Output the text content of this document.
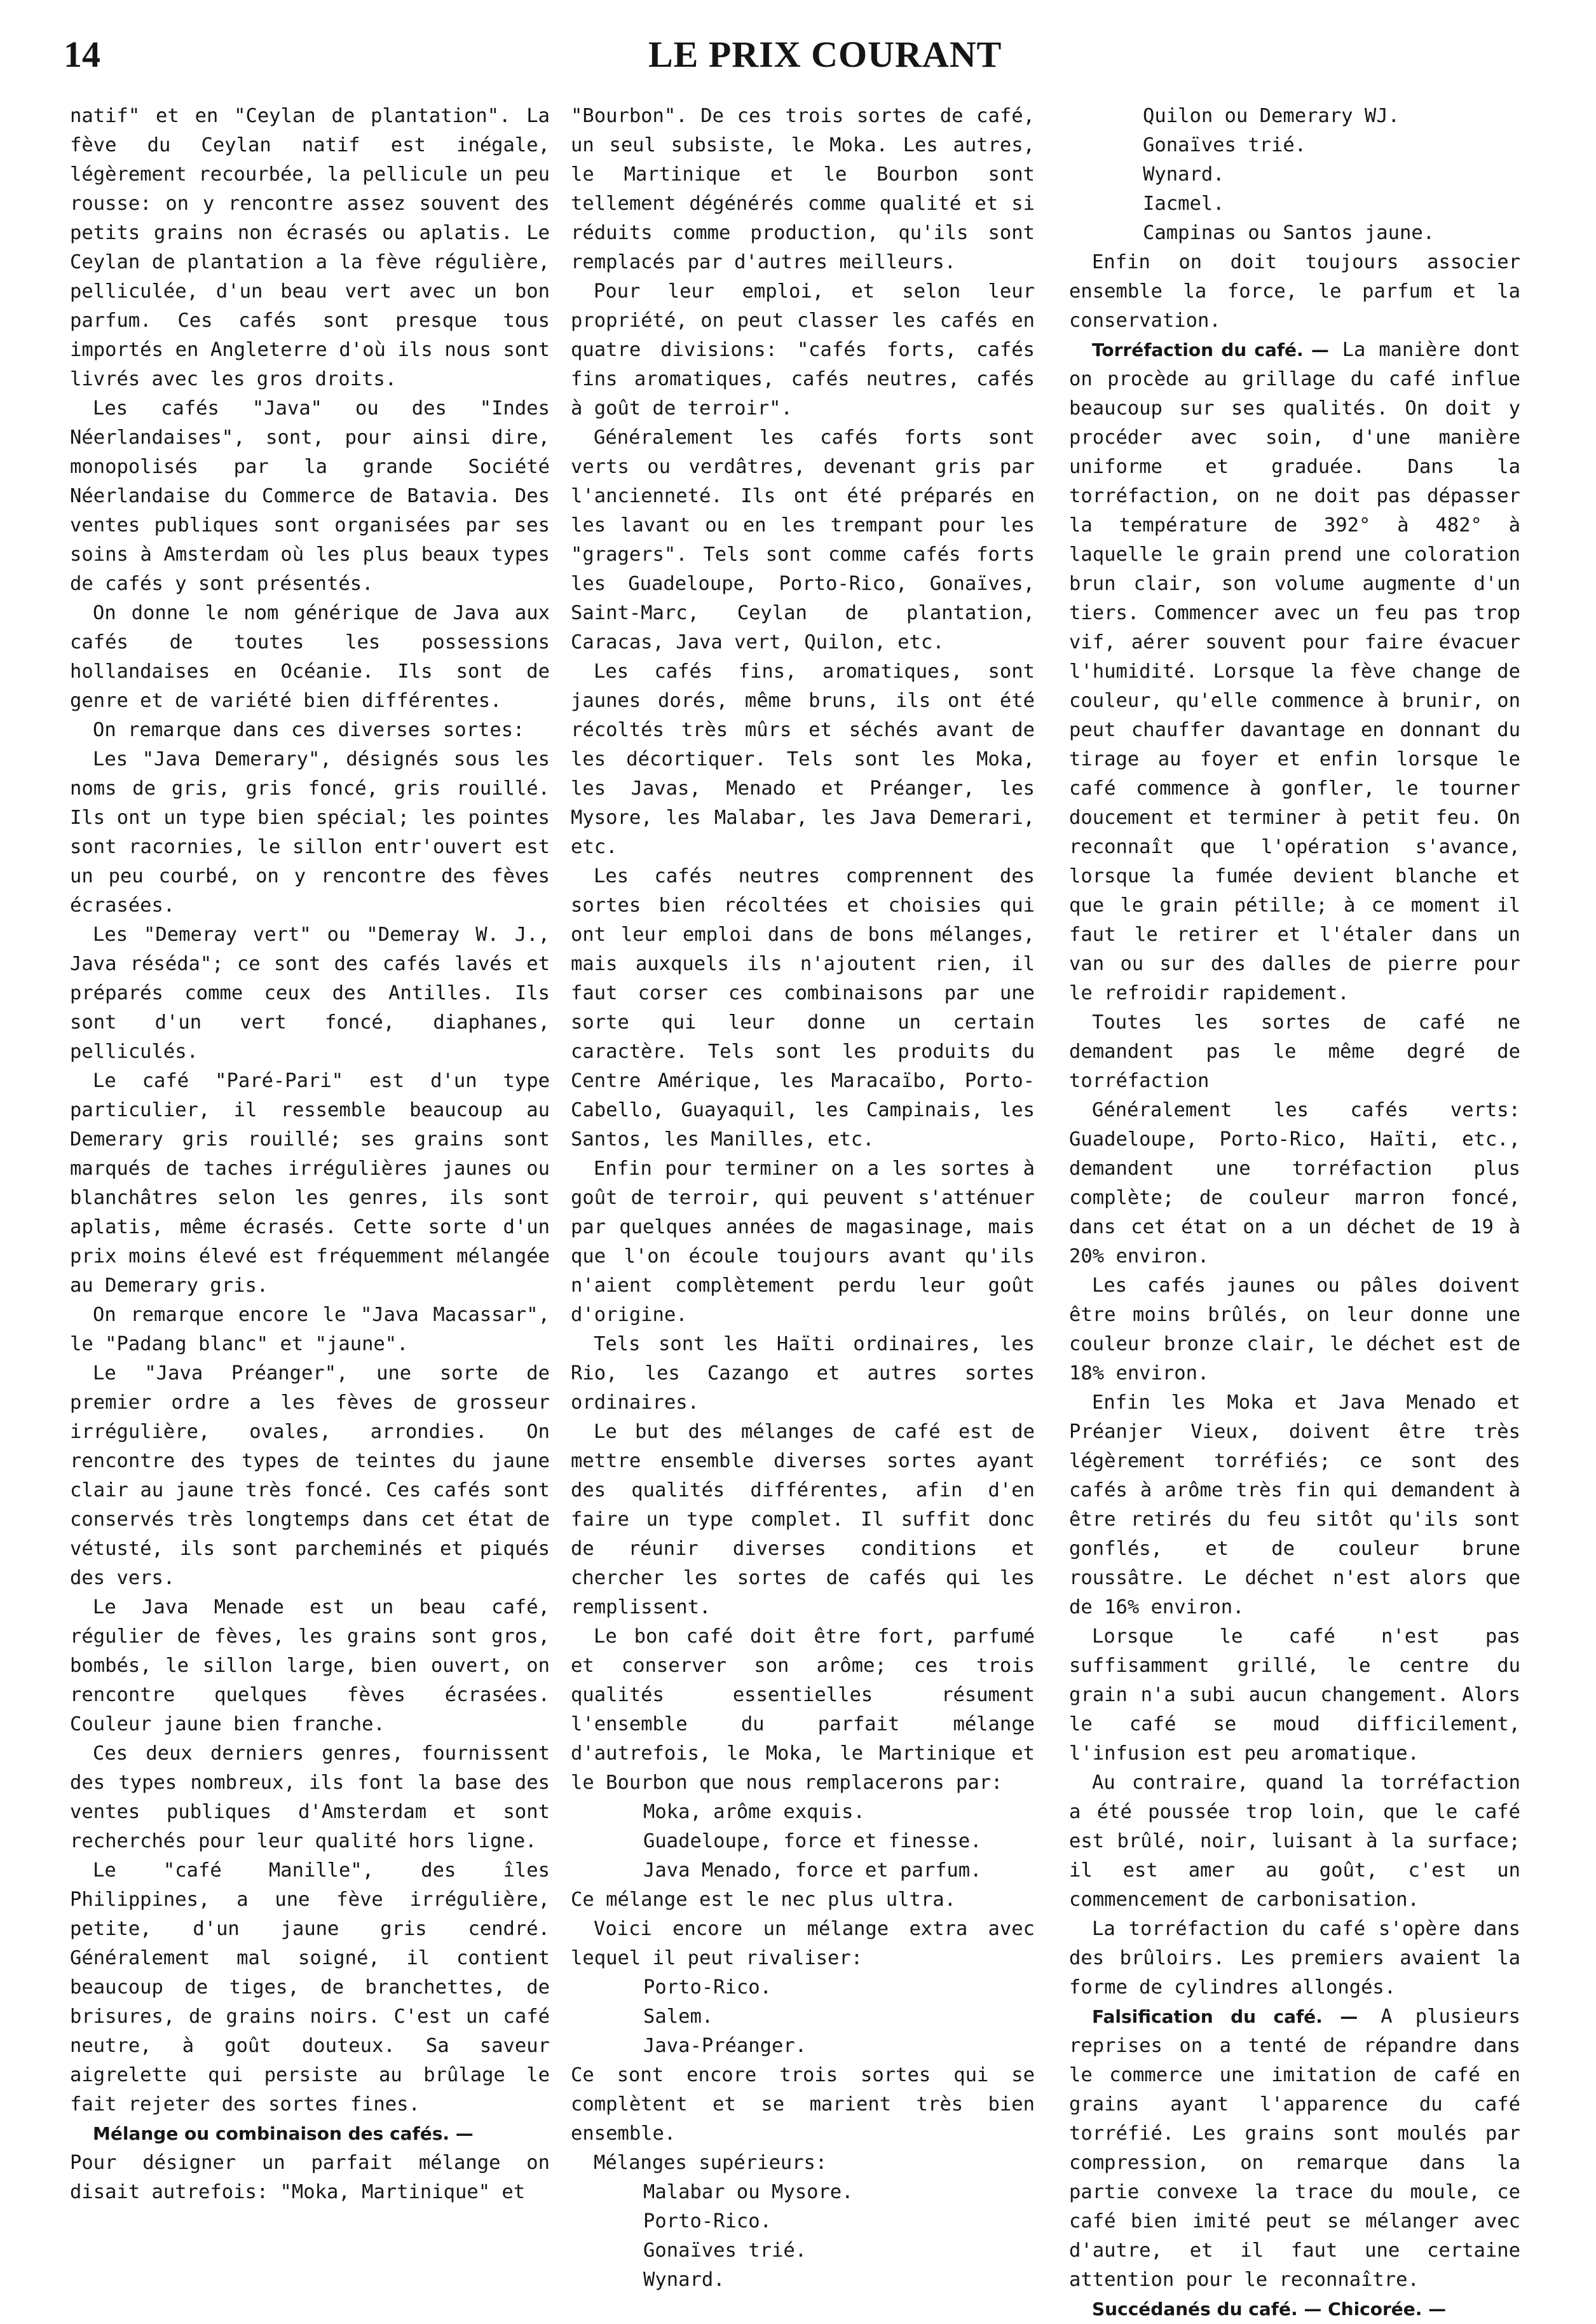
14	LE PRIX COURANT

natif" et en "Ceylan de plantation". La fève du Ceylan natif est inégale, légèrement recourbée, la pellicule un peu rousse: on y rencontre assez souvent des petits grains non écrasés ou aplatis. Le Ceylan de plantation a la fève régulière, pelliculée, d'un beau vert avec un bon parfum. Ces cafés sont presque tous importés en Angleterre d'où ils nous sont livrés avec les gros droits.

Les cafés "Java" ou des "Indes Néerlandaises", sont, pour ainsi dire, monopolisés par la grande Société Néerlandaise du Commerce de Batavia. Des ventes publiques sont organisées par ses soins à Amsterdam où les plus beaux types de cafés y sont présentés.

On donne le nom générique de Java aux cafés de toutes les possessions hollandaises en Océanie. Ils sont de genre et de variété bien différentes.

On remarque dans ces diverses sortes:

Les "Java Demerary", désignés sous les noms de gris, gris foncé, gris rouillé. Ils ont un type bien spécial; les pointes sont racornies, le sillon entr'ouvert est un peu courbé, on y rencontre des fèves écrasées.

Les "Demeray vert" ou "Demeray W. J., Java réséda"; ce sont des cafés lavés et préparés comme ceux des Antilles. Ils sont d'un vert foncé, diaphanes, pelliculés.

Le café "Paré-Pari" est d'un type particulier, il ressemble beaucoup au Demerary gris rouillé; ses grains sont marqués de taches irrégulières jaunes ou blanchâtres selon les genres, ils sont aplatis, même écrasés. Cette sorte d'un prix moins élevé est fréquemment mélangée au Demerary gris.

On remarque encore le "Java Macassar", le "Padang blanc" et "jaune".

Le "Java Préanger", une sorte de premier ordre a les fèves de grosseur irrégulière, ovales, arrondies. On rencontre des types de teintes du jaune clair au jaune très foncé. Ces cafés sont conservés très longtemps dans cet état de vétusté, ils sont parcheminés et piqués des vers.

Le Java Menade est un beau café, régulier de fèves, les grains sont gros, bombés, le sillon large, bien ouvert, on rencontre quelques fèves écrasées. Couleur jaune bien franche.

Ces deux derniers genres, fournissent des types nombreux, ils font la base des ventes publiques d'Amsterdam et sont recherchés pour leur qualité hors ligne.

Le "café Manille", des îles Philippines, a une fève irrégulière, petite, d'un jaune gris cendré. Généralement mal soigné, il contient beaucoup de tiges, de branchettes, de brisures, de grains noirs. C'est un café neutre, à goût douteux. Sa saveur aigrelette qui persiste au brûlage le fait rejeter des sortes fines.

Mélange ou combinaison des cafés. —

Pour désigner un parfait mélange on disait autrefois: "Moka, Martinique" et

"Bourbon". De ces trois sortes de café, un seul subsiste, le Moka. Les autres, le Martinique et le Bourbon sont tellement dégénérés comme qualité et si réduits comme production, qu'ils sont remplacés par d'autres meilleurs.

Pour leur emploi, et selon leur propriété, on peut classer les cafés en quatre divisions: "cafés forts, cafés fins aromatiques, cafés neutres, cafés à goût de terroir".

Généralement les cafés forts sont verts ou verdâtres, devenant gris par l'ancienneté. Ils ont été préparés en les lavant ou en les trempant pour les "gragers". Tels sont comme cafés forts les Guadeloupe, Porto-Rico, Gonaïves, Saint-Marc, Ceylan de plantation, Caracas, Java vert, Quilon, etc.

Les cafés fins, aromatiques, sont jaunes dorés, même bruns, ils ont été récoltés très mûrs et séchés avant de les décortiquer. Tels sont les Moka, les Javas, Menado et Préanger, les Mysore, les Malabar, les Java Demerari, etc.

Les cafés neutres comprennent des sortes bien récoltées et choisies qui ont leur emploi dans de bons mélanges, mais auxquels ils n'ajoutent rien, il faut corser ces combinaisons par une sorte qui leur donne un certain caractère. Tels sont les produits du Centre Amérique, les Maracaïbo, Porto-Cabello, Guayaquil, les Campinais, les Santos, les Manilles, etc.

Enfin pour terminer on a les sortes à goût de terroir, qui peuvent s'atténuer par quelques années de magasinage, mais que l'on écoule toujours avant qu'ils n'aient complètement perdu leur goût d'origine.

Tels sont les Haïti ordinaires, les Rio, les Cazango et autres sortes ordinaires.

Le but des mélanges de café est de mettre ensemble diverses sortes ayant des qualités différentes, afin d'en faire un type complet. Il suffit donc de réunir diverses conditions et chercher les sortes de cafés qui les remplissent.

Le bon café doit être fort, parfumé et conserver son arôme; ces trois qualités essentielles résument l'ensemble du parfait mélange d'autrefois, le Moka, le Martinique et le Bourbon que nous remplacerons par:

Moka, arôme exquis.

Guadeloupe, force et finesse.

Java Menado, force et parfum.

Ce mélange est le nec plus ultra.

Voici encore un mélange extra avec lequel il peut rivaliser:

Porto-Rico.

Salem.

Java-Préanger.

Ce sont encore trois sortes qui se complètent et se marient très bien ensemble.

Mélanges supérieurs:

Malabar ou Mysore.

Porto-Rico.

Gonaïves trié.

Wynard.

Quilon ou Demerary WJ.

Gonaïves trié.

Wynard.

Iacmel.

Campinas ou Santos jaune.

Enfin on doit toujours associer ensemble la force, le parfum et la conservation.

Torréfaction du café. — La manière dont on procède au grillage du café influe beaucoup sur ses qualités. On doit y procéder avec soin, d'une manière uniforme et graduée. Dans la torréfaction, on ne doit pas dépasser la température de 392° à 482° à laquelle le grain prend une coloration brun clair, son volume augmente d'un tiers. Commencer avec un feu pas trop vif, aérer souvent pour faire évacuer l'humidité. Lorsque la fève change de couleur, qu'elle commence à brunir, on peut chauffer davantage en donnant du tirage au foyer et enfin lorsque le café commence à gonfler, le tourner doucement et terminer à petit feu. On reconnaît que l'opération s'avance, lorsque la fumée devient blanche et que le grain pétille; à ce moment il faut le retirer et l'étaler dans un van ou sur des dalles de pierre pour le refroidir rapidement.

Toutes les sortes de café ne demandent pas le même degré de torréfaction

Généralement les cafés verts: Guadeloupe, Porto-Rico, Haïti, etc., demandent une torréfaction plus complète; de couleur marron foncé, dans cet état on a un déchet de 19 à 20% environ.

Les cafés jaunes ou pâles doivent être moins brûlés, on leur donne une couleur bronze clair, le déchet est de 18% environ.

Enfin les Moka et Java Menado et Préanjer Vieux, doivent être très légèrement torréfiés; ce sont des cafés à arôme très fin qui demandent à être retirés du feu sitôt qu'ils sont gonflés, et de couleur brune roussâtre. Le déchet n'est alors que de 16% environ.

Lorsque le café n'est pas suffisamment grillé, le centre du grain n'a subi aucun changement. Alors le café se moud difficilement, l'infusion est peu aromatique.

Au contraire, quand la torréfaction a été poussée trop loin, que le café est brûlé, noir, luisant à la surface; il est amer au goût, c'est un commencement de carbonisation.

La torréfaction du café s'opère dans des brûloirs. Les premiers avaient la forme de cylindres allongés.

Falsification du café. — A plusieurs reprises on a tenté de répandre dans le commerce une imitation de café en grains ayant l'apparence du café torréfié. Les grains sont moulés par compression, on remarque dans la partie convexe la trace du moule, ce café bien imité peut se mélanger avec d'autre, et il faut une certaine attention pour le reconnaître.

Succédanés du café. — Chicorée. —
